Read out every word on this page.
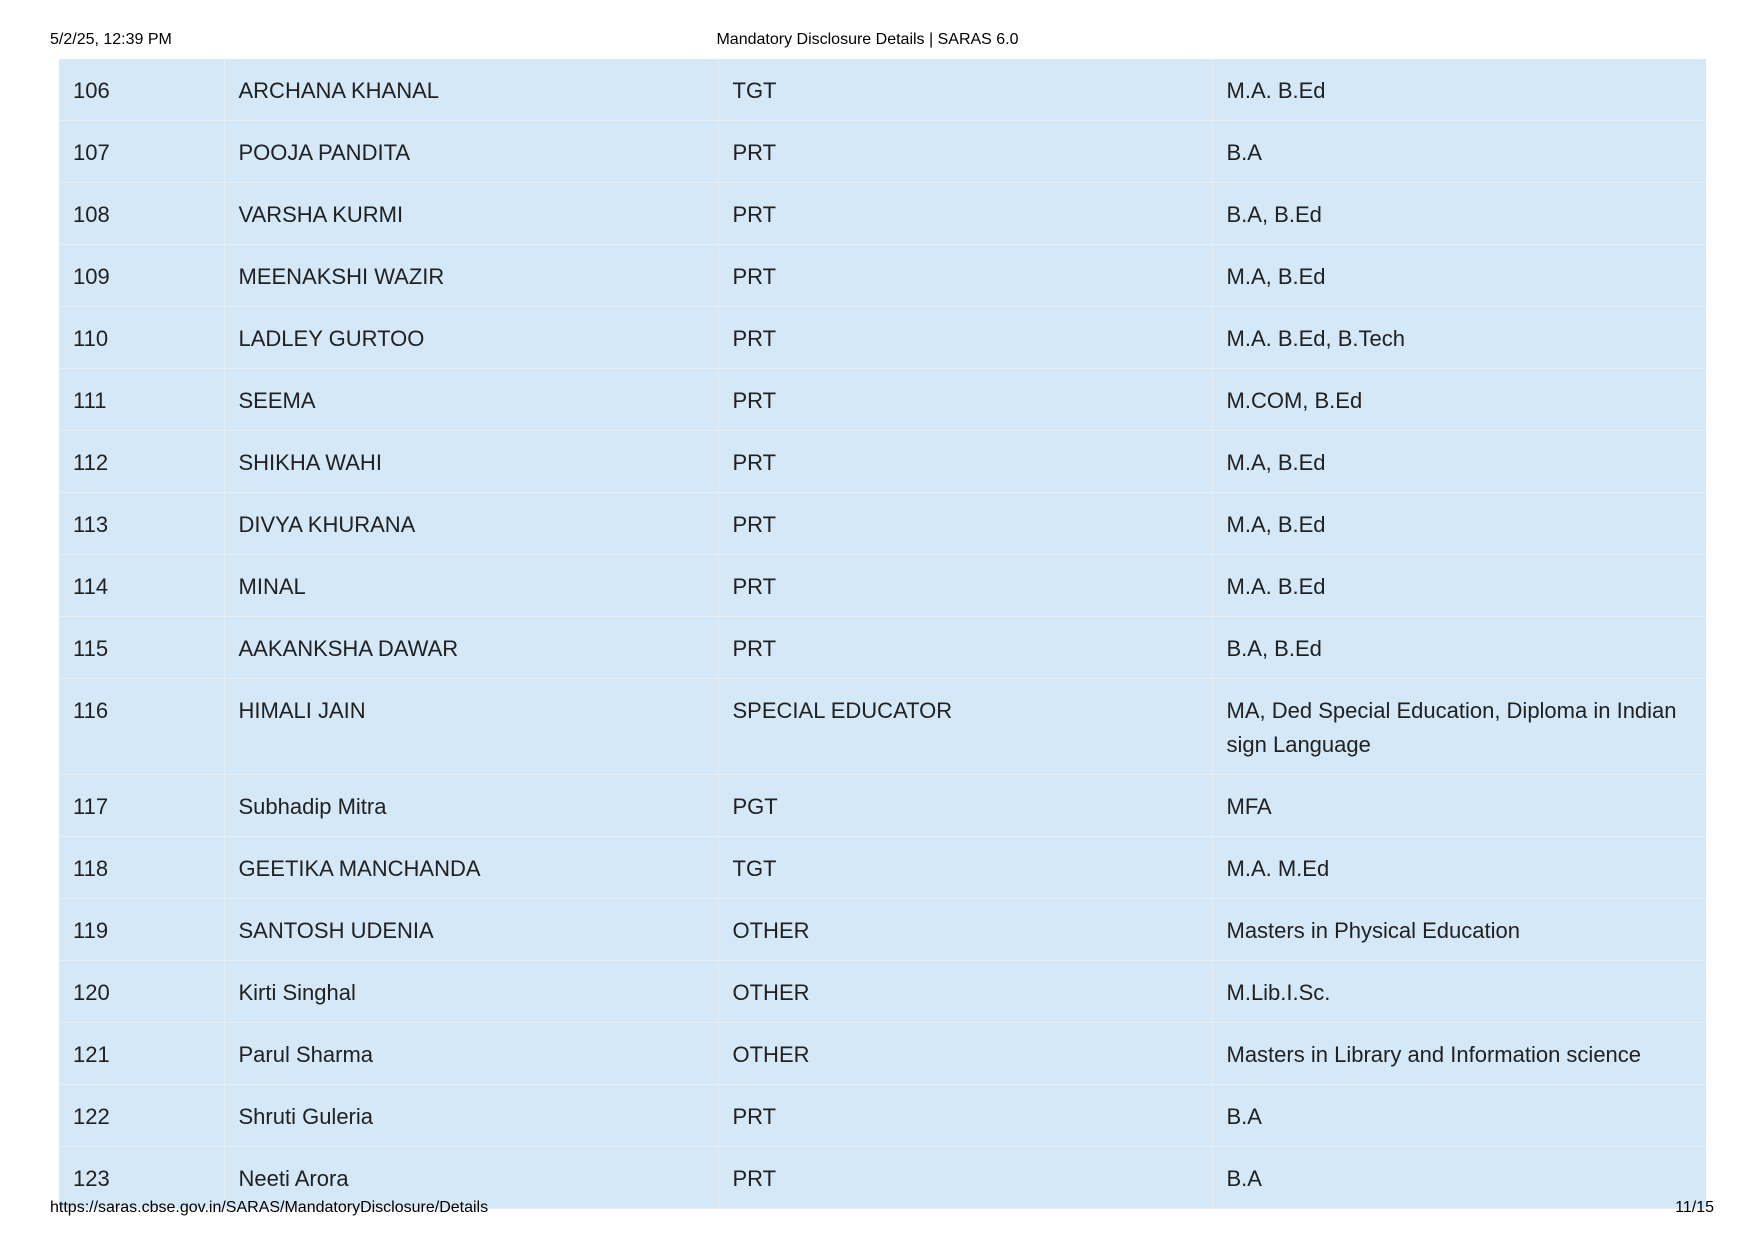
5/2/25, 12:39 PM	Mandatory Disclosure Details | SARAS 6.0
106	ARCHANA KHANAL	TGT	M.A. B.Ed
107	POOJA PANDITA	PRT	B.A
108	VARSHA KURMI	PRT	B.A, B.Ed
109	MEENAKSHI WAZIR	PRT	M.A, B.Ed
110	LADLEY GURTOO	PRT	M.A. B.Ed, B.Tech
111	SEEMA	PRT	M.COM, B.Ed
112	SHIKHA WAHI	PRT	M.A, B.Ed
113	DIVYA KHURANA	PRT	M.A, B.Ed
114	MINAL	PRT	M.A. B.Ed
115	AAKANKSHA DAWAR	PRT	B.A, B.Ed
116	HIMALI JAIN	SPECIAL EDUCATOR	MA, Ded Special Education, Diploma in Indian sign Language
117	Subhadip Mitra	PGT	MFA
118	GEETIKA MANCHANDA	TGT	M.A. M.Ed
119	SANTOSH UDENIA	OTHER	Masters in Physical Education
120	Kirti Singhal	OTHER	M.Lib.I.Sc.
121	Parul Sharma	OTHER	Masters in Library and Information science
122	Shruti Guleria	PRT	B.A
123	Neeti Arora	PRT	B.A
https://saras.cbse.gov.in/SARAS/MandatoryDisclosure/Details	11/15
